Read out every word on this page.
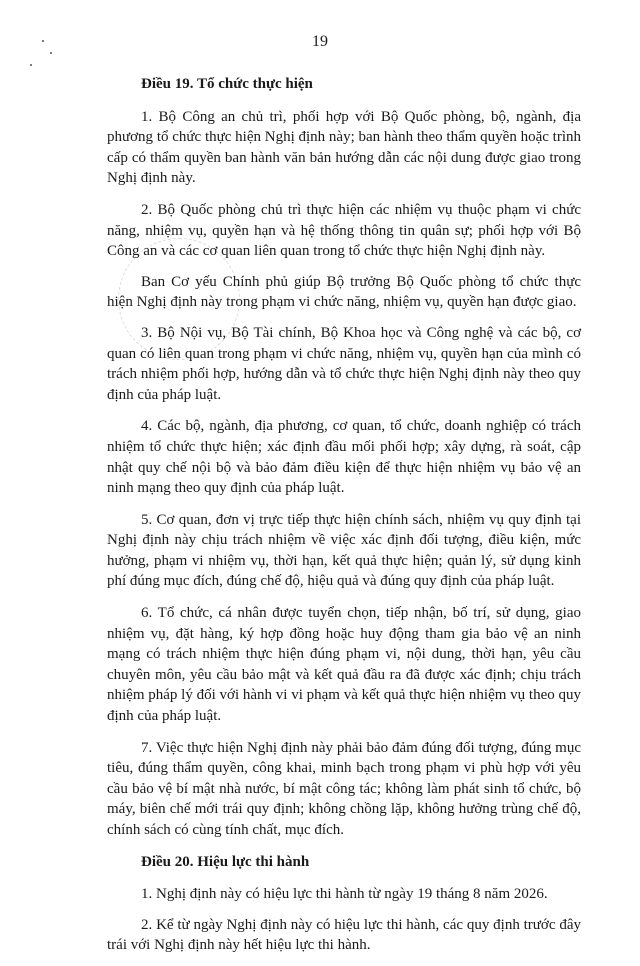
19
Điều 19. Tổ chức thực hiện

1. Bộ Công an chủ trì, phối hợp với Bộ Quốc phòng, bộ, ngành, địa phương tổ chức thực hiện Nghị định này; ban hành theo thẩm quyền hoặc trình cấp có thẩm quyền ban hành văn bản hướng dẫn các nội dung được giao trong Nghị định này.

2. Bộ Quốc phòng chủ trì thực hiện các nhiệm vụ thuộc phạm vi chức năng, nhiệm vụ, quyền hạn và hệ thống thông tin quân sự; phối hợp với Bộ Công an và các cơ quan liên quan trong tổ chức thực hiện Nghị định này.

Ban Cơ yếu Chính phủ giúp Bộ trưởng Bộ Quốc phòng tổ chức thực hiện Nghị định này trong phạm vi chức năng, nhiệm vụ, quyền hạn được giao.

3. Bộ Nội vụ, Bộ Tài chính, Bộ Khoa học và Công nghệ và các bộ, cơ quan có liên quan trong phạm vi chức năng, nhiệm vụ, quyền hạn của mình có trách nhiệm phối hợp, hướng dẫn và tổ chức thực hiện Nghị định này theo quy định của pháp luật.

4. Các bộ, ngành, địa phương, cơ quan, tổ chức, doanh nghiệp có trách nhiệm tổ chức thực hiện; xác định đầu mối phối hợp; xây dựng, rà soát, cập nhật quy chế nội bộ và bảo đảm điều kiện để thực hiện nhiệm vụ bảo vệ an ninh mạng theo quy định của pháp luật.

5. Cơ quan, đơn vị trực tiếp thực hiện chính sách, nhiệm vụ quy định tại Nghị định này chịu trách nhiệm về việc xác định đối tượng, điều kiện, mức hưởng, phạm vi nhiệm vụ, thời hạn, kết quả thực hiện; quản lý, sử dụng kinh phí đúng mục đích, đúng chế độ, hiệu quả và đúng quy định của pháp luật.

6. Tổ chức, cá nhân được tuyển chọn, tiếp nhận, bố trí, sử dụng, giao nhiệm vụ, đặt hàng, ký hợp đồng hoặc huy động tham gia bảo vệ an ninh mạng có trách nhiệm thực hiện đúng phạm vi, nội dung, thời hạn, yêu cầu chuyên môn, yêu cầu bảo mật và kết quả đầu ra đã được xác định; chịu trách nhiệm pháp lý đối với hành vi vi phạm và kết quả thực hiện nhiệm vụ theo quy định của pháp luật.

7. Việc thực hiện Nghị định này phải bảo đảm đúng đối tượng, đúng mục tiêu, đúng thẩm quyền, công khai, minh bạch trong phạm vi phù hợp với yêu cầu bảo vệ bí mật nhà nước, bí mật công tác; không làm phát sinh tổ chức, bộ máy, biên chế mới trái quy định; không chồng lặp, không hưởng trùng chế độ, chính sách có cùng tính chất, mục đích.

Điều 20. Hiệu lực thi hành

1. Nghị định này có hiệu lực thi hành từ ngày 19 tháng 8 năm 2026.

2. Kể từ ngày Nghị định này có hiệu lực thi hành, các quy định trước đây trái với Nghị định này hết hiệu lực thi hành.
